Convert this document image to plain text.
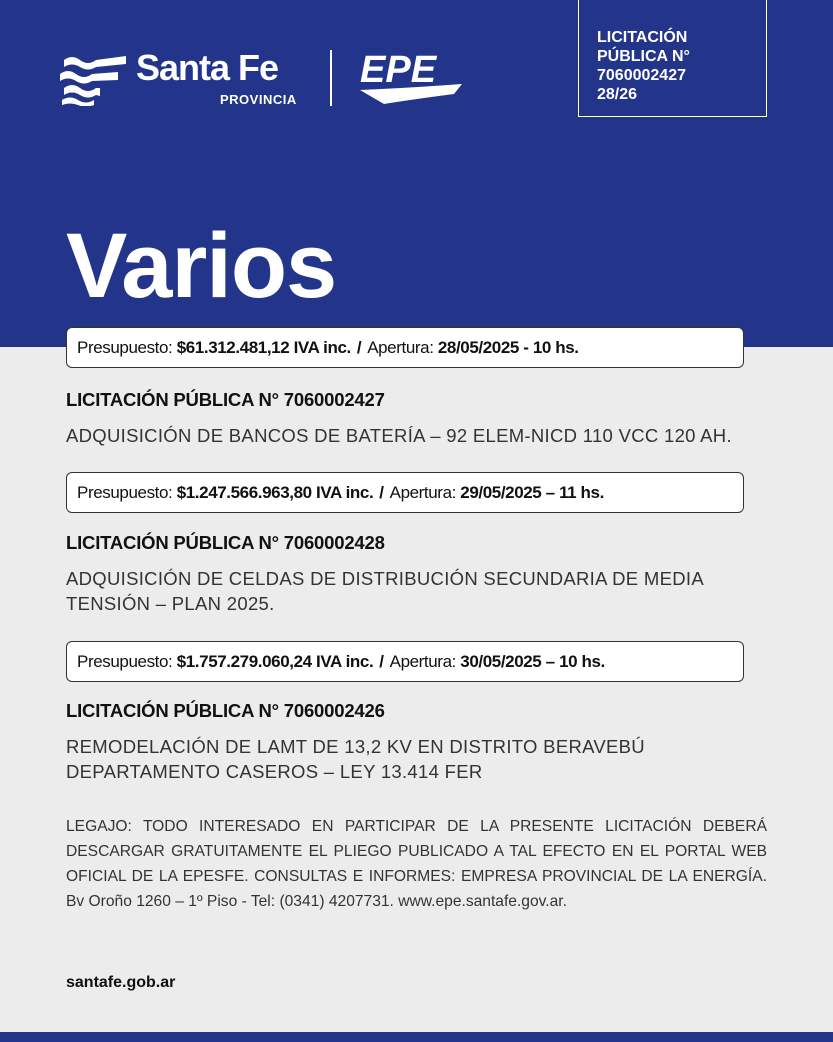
Santa Fe
PROVINCIA
EPE
LICITACIÓN
PÚBLICA N°
7060002427
28/26
Varios
Presupuesto:
$61.312.481,12 IVA inc. / Apertura:
28/05/2025 - 10 hs.
LICITACIÓN PÚBLICA N° 7060002427
ADQUISICIÓN DE BANCOS DE BATERÍA – 92 ELEM-NICD 110 VCC 120 AH.
Presupuesto:
$1.247.566.963,80 IVA inc. / Apertura:
29/05/2025 – 11 hs.
LICITACIÓN PÚBLICA N° 7060002428
ADQUISICIÓN DE CELDAS DE DISTRIBUCIÓN SECUNDARIA DE MEDIA TENSIÓN – PLAN 2025.
Presupuesto:
$1.757.279.060,24 IVA inc. / Apertura:
30/05/2025 – 10 hs.
LICITACIÓN PÚBLICA N° 7060002426
REMODELACIÓN DE LAMT DE 13,2 KV EN DISTRITO BERAVEBÚ DEPARTAMENTO CASEROS – LEY 13.414 FER
LEGAJO: TODO INTERESADO EN PARTICIPAR DE LA PRESENTE LICITACIÓN DEBERÁ DESCARGAR GRATUITAMENTE EL PLIEGO PUBLICADO A TAL EFECTO EN EL PORTAL WEB OFICIAL DE LA EPESFE. CONSULTAS E INFORMES: EMPRESA PROVINCIAL DE LA ENERGÍA. Bv Oroño 1260 – 1º Piso - Tel: (0341) 4207731. www.epe.santafe.gov.ar.
santafe.gob.ar
